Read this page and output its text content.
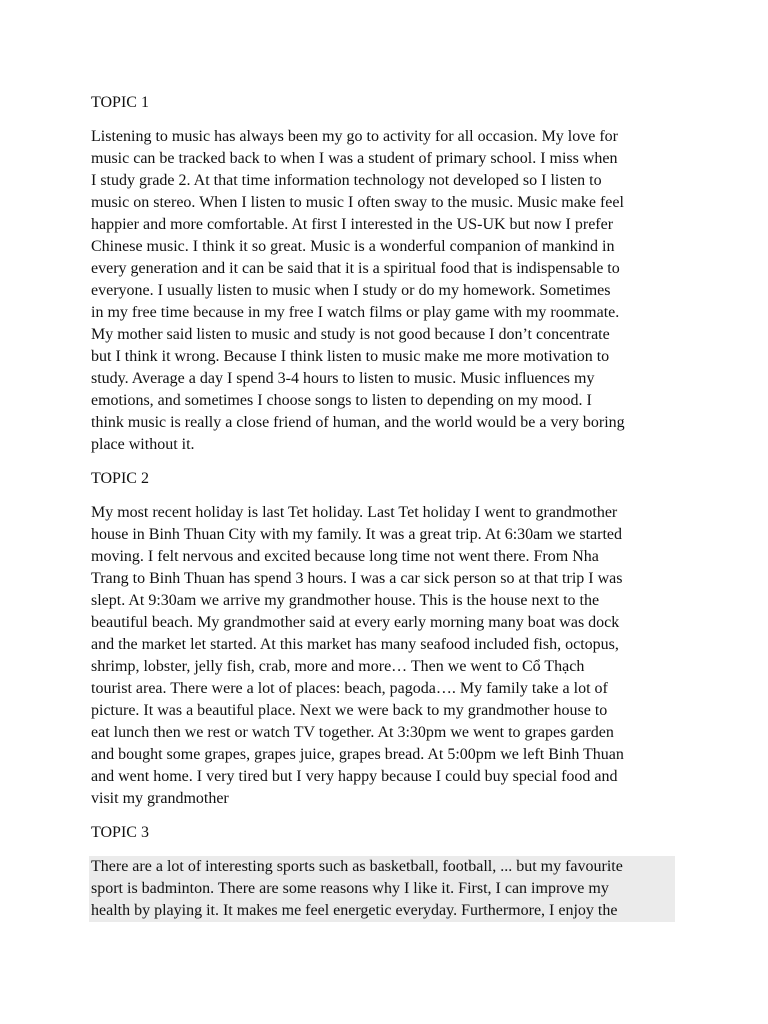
TOPIC 1

Listening to music has always been my go to activity for all occasion. My love for
music can be tracked back to when I was a student of primary school. I miss when
I study grade 2. At that time information technology not developed so I listen to
music on stereo. When I listen to music I often sway to the music. Music make feel
happier and more comfortable. At first I interested in the US-UK but now I prefer
Chinese music. I think it so great. Music is a wonderful companion of mankind in
every generation and it can be said that it is a spiritual food that is indispensable to
everyone. I usually listen to music when I study or do my homework. Sometimes
in my free time because in my free I watch films or play game with my roommate.
My mother said listen to music and study is not good because I don’t concentrate
but I think it wrong. Because I think listen to music make me more motivation to
study. Average a day I spend 3-4 hours to listen to music. Music influences my
emotions, and sometimes I choose songs to listen to depending on my mood. I
think music is really a close friend of human, and the world would be a very boring
place without it.

TOPIC 2

My most recent holiday is last Tet holiday. Last Tet holiday I went to grandmother
house in Binh Thuan City with my family. It was a great trip. At 6:30am we started
moving. I felt nervous and excited because long time not went there. From Nha
Trang to Binh Thuan has spend 3 hours. I was a car sick person so at that trip I was
slept. At 9:30am we arrive my grandmother house. This is the house next to the
beautiful beach. My grandmother said at every early morning many boat was dock
and the market let started. At this market has many seafood included fish, octopus,
shrimp, lobster, jelly fish, crab, more and more… Then we went to Cổ Thạch
tourist area. There were a lot of places: beach, pagoda…. My family take a lot of
picture. It was a beautiful place. Next we were back to my grandmother house to
eat lunch then we rest or watch TV together. At 3:30pm we went to grapes garden
and bought some grapes, grapes juice, grapes bread. At 5:00pm we left Binh Thuan
and went home. I very tired but I very happy because I could buy special food and
visit my grandmother

TOPIC 3

There are a lot of interesting sports such as basketball, football, ... but my favourite
sport is badminton. There are some reasons why I like it. First, I can improve my
health by playing it. It makes me feel energetic everyday. Furthermore, I enjoy the
